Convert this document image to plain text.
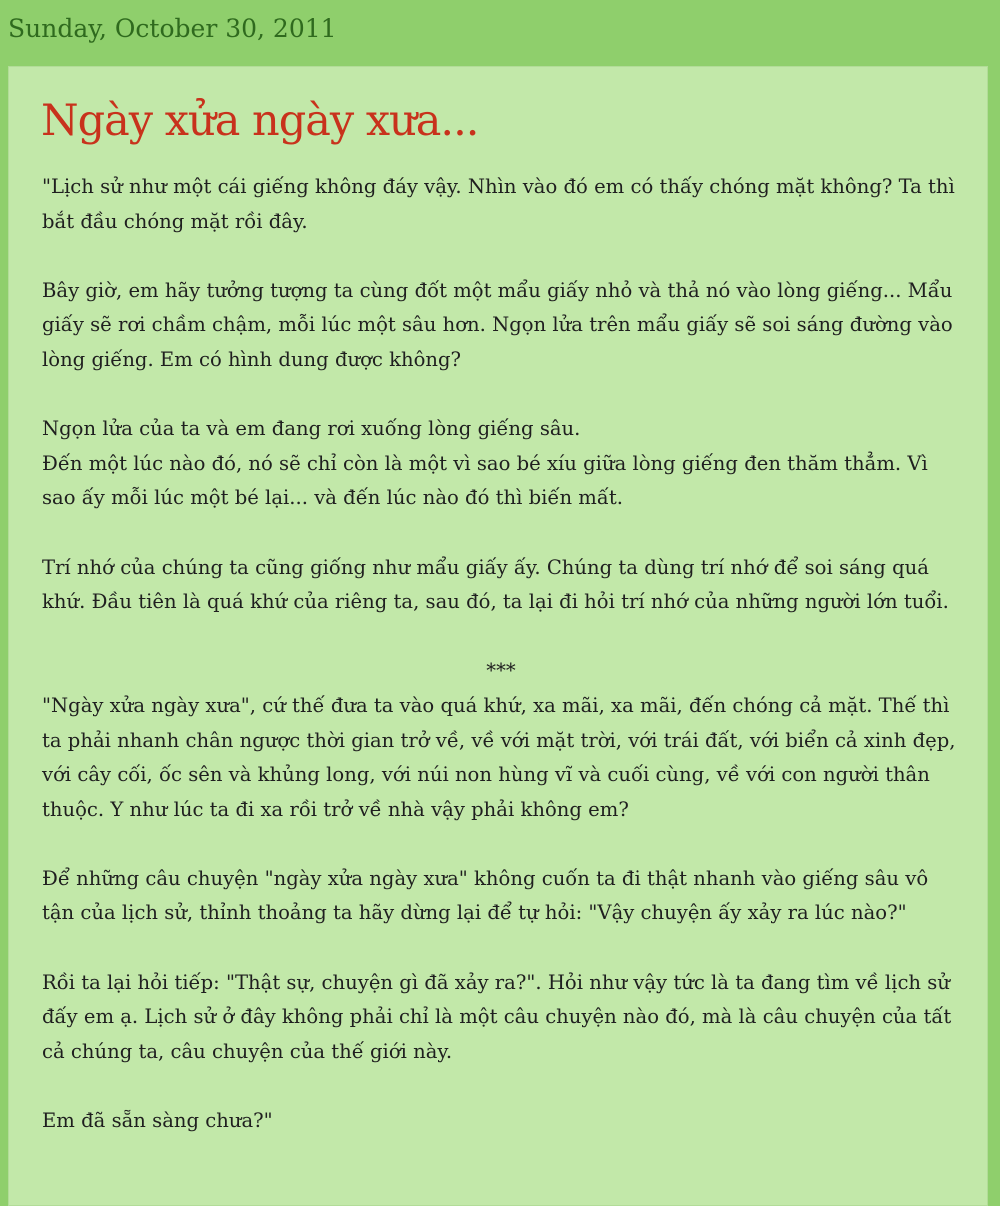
Sunday, October 30, 2011
Ngày xửa ngày xưa...

"Lịch sử như một cái giếng không đáy vậy. Nhìn vào đó em có thấy chóng mặt không? Ta thì bắt đầu chóng mặt rồi đây.

Bây giờ, em hãy tưởng tượng ta cùng đốt một mẩu giấy nhỏ và thả nó vào lòng giếng... Mẩu giấy sẽ rơi chầm chậm, mỗi lúc một sâu hơn. Ngọn lửa trên mẩu giấy sẽ soi sáng đường vào lòng giếng. Em có hình dung được không?

Ngọn lửa của ta và em đang rơi xuống lòng giếng sâu.
Đến một lúc nào đó, nó sẽ chỉ còn là một vì sao bé xíu giữa lòng giếng đen thăm thẳm. Vì sao ấy mỗi lúc một bé lại... và đến lúc nào đó thì biến mất.

Trí nhớ của chúng ta cũng giống như mẩu giấy ấy. Chúng ta dùng trí nhớ để soi sáng quá khứ. Đầu tiên là quá khứ của riêng ta, sau đó, ta lại đi hỏi trí nhớ của những người lớn tuổi.

***

"Ngày xửa ngày xưa", cứ thế đưa ta vào quá khứ, xa mãi, xa mãi, đến chóng cả mặt. Thế thì ta phải nhanh chân ngược thời gian trở về, về với mặt trời, với trái đất, với biển cả xinh đẹp, với cây cối, ốc sên và khủng long, với núi non hùng vĩ và cuối cùng, về với con người thân thuộc. Y như lúc ta đi xa rồi trở về nhà vậy phải không em?

Để những câu chuyện "ngày xửa ngày xưa" không cuốn ta đi thật nhanh vào giếng sâu vô tận của lịch sử, thỉnh thoảng ta hãy dừng lại để tự hỏi: "Vậy chuyện ấy xảy ra lúc nào?"

Rồi ta lại hỏi tiếp: "Thật sự, chuyện gì đã xảy ra?". Hỏi như vậy tức là ta đang tìm về lịch sử đấy em ạ. Lịch sử ở đây không phải chỉ là một câu chuyện nào đó, mà là câu chuyện của tất cả chúng ta, câu chuyện của thế giới này.

Em đã sẵn sàng chưa?"
